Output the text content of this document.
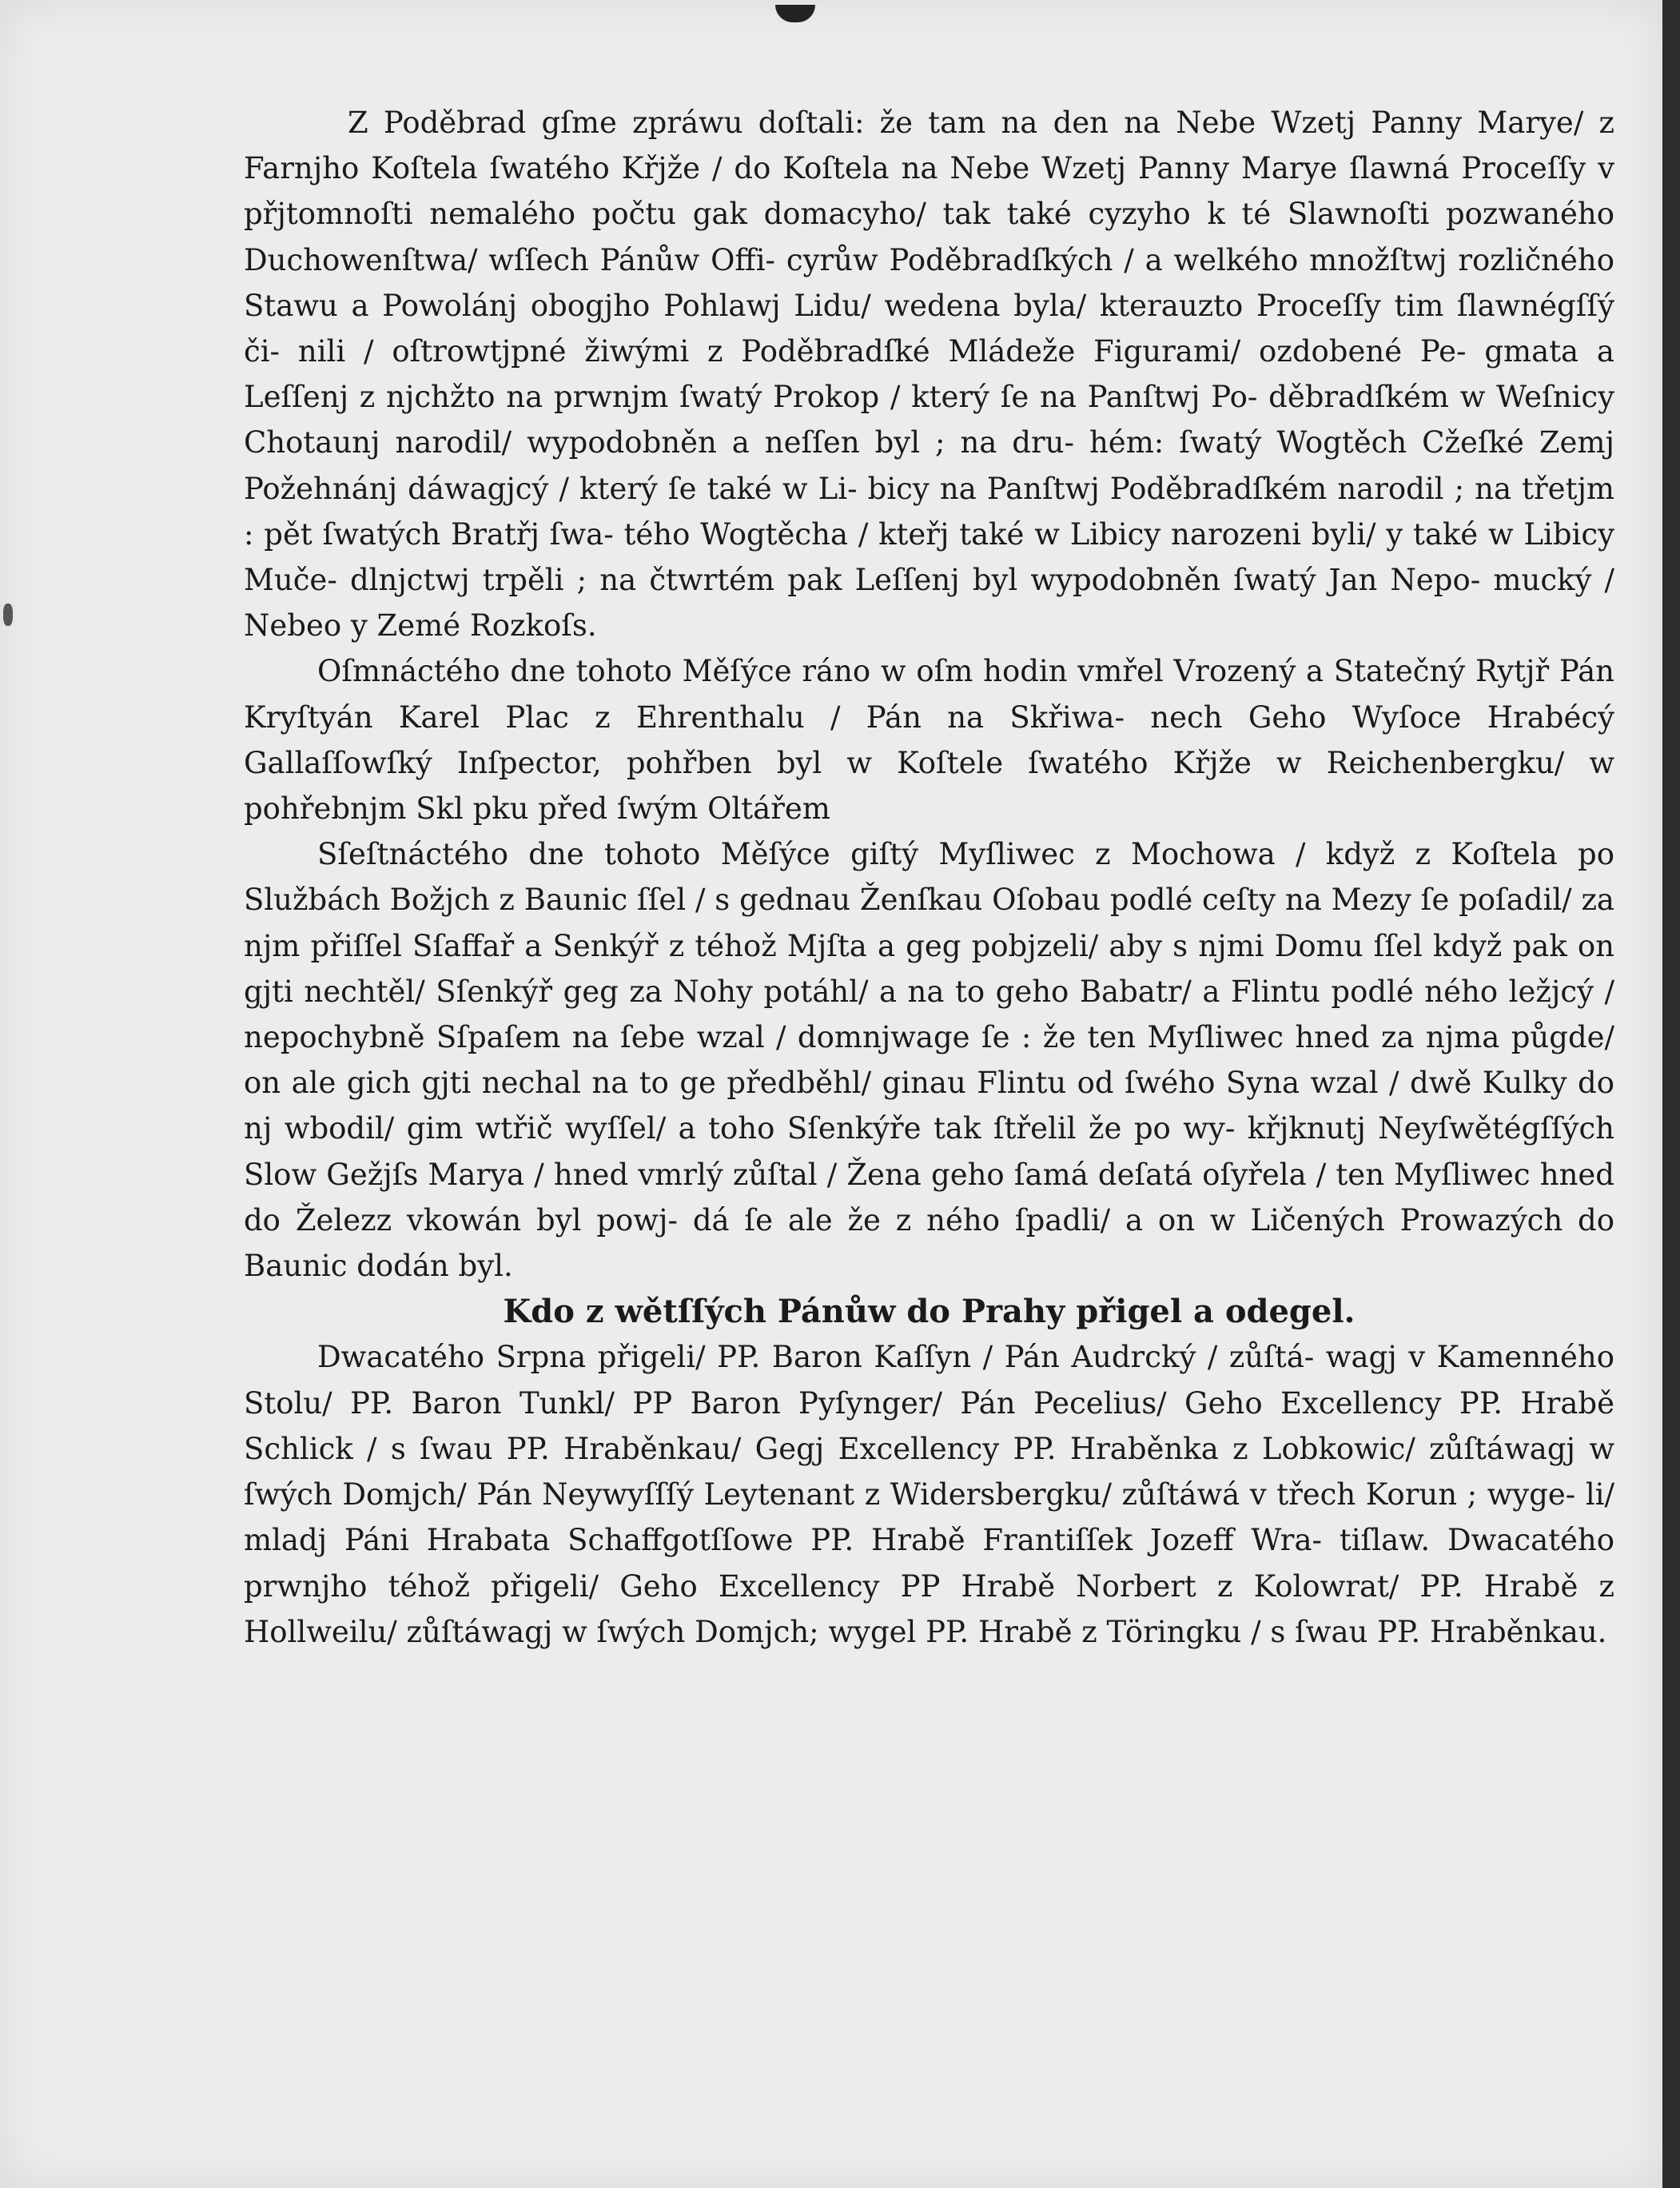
Z Poděbrad gſme zpráwu doſtali: že tam na den na Nebe Wzetj Panny Marye/ z Farnjho Koſtela ſwatého Křjže / do Koſtela na Nebe Wzetj Panny Marye ſlawná Proceſſy v přjtomnoſti nemalého počtu gak domacyho/ tak také cyzyho k té Slawnoſti pozwaného Duchowenſtwa/ wſſech Pánůw Offi- cyrůw Poděbradſkých / a welkého množſtwj rozličného Stawu a Powolánj obogjho Pohlawj Lidu/ wedena byla/ kterauzto Proceſſy tim ſlawnégſſý či- nili / oſtrowtjpné žiwými z Poděbradſké Mládeže Figurami/ ozdobené Pe- gmata a Leſſenj z njchžto na prwnjm ſwatý Prokop / který ſe na Panſtwj Po- děbradſkém w Weſnicy Chotaunj narodil/ wypodobněn a neſſen byl ; na dru- hém: ſwatý Wogtěch Cžeſké Zemj Požehnánj dáwagjcý / který ſe také w Li- bicy na Panſtwj Poděbradſkém narodil ; na třetjm : pět ſwatých Bratřj ſwa- tého Wogtěcha / kteřj také w Libicy narozeni byli/ y také w Libicy Muče- dlnjctwj trpěli ; na čtwrtém pak Leſſenj byl wypodobněn ſwatý Jan Nepo- mucký / Nebeo y Zemé Rozkoſs.

Oſmnáctého dne tohoto Měſýce ráno w oſm hodin vmřel Vrozený a Statečný Rytjř Pán Kryſtyán Karel Plac z Ehrenthalu / Pán na Skřiwa- nech Geho Wyſoce Hrabécý Gallaſſowſký Inſpector, pohřben byl w Koſtele ſwatého Křjže w Reichenbergku/ w pohřebnjm Skl pku před ſwým Oltářem

Sſeſtnáctého dne tohoto Měſýce giſtý Myſliwec z Mochowa / když z Koſtela po Službách Božjch z Baunic ſſel / s gednau Ženſkau Oſobau podlé ceſty na Mezy ſe poſadil/ za njm přiſſel Sſaffař a Senkýř z téhož Mjſta a geg pobjzeli/ aby s njmi Domu ſſel když pak on gjti nechtěl/ Sſenkýř geg za Nohy potáhl/ a na to geho Babatr/ a Flintu podlé ného ležjcý / nepochybně Sſpaſem na ſebe wzal / domnjwage ſe : že ten Myſliwec hned za njma půgde/ on ale gich gjti nechal na to ge předběhl/ ginau Flintu od ſwého Syna wzal / dwě Kulky do nj wbodil/ gim wtřič wyſſel/ a toho Sſenkýře tak ſtřelil že po wy- křjknutj Neyſwětégſſých Slow Gežjſs Marya / hned vmrlý zůſtal / Žena geho ſamá deſatá oſyřela / ten Myſliwec hned do Železz vkowán byl powj- dá ſe ale že z ného ſpadli/ a on w Ličených Prowazých do Baunic dodán byl.

Kdo z wětſſých Pánůw do Prahy přigel a odegel.

Dwacatého Srpna přigeli/ PP. Baron Kaſſyn / Pán Audrcký / zůſtá- wagj v Kamenného Stolu/ PP. Baron Tunkl/ PP Baron Pyſynger/ Pán Pecelius/ Geho Excellency PP. Hrabě Schlick / s ſwau PP. Hraběnkau/ Gegj Excellency PP. Hraběnka z Lobkowic/ zůſtáwagj w ſwých Domjch/ Pán Neywyſſſý Leytenant z Widersbergku/ zůſtáwá v třech Korun ; wyge- li/ mladj Páni Hrabata Schaffgotſſowe PP. Hrabě Frantiſſek Jozeff Wra- tiſlaw. Dwacatého prwnjho téhož přigeli/ Geho Excellency PP Hrabě Norbert z Kolowrat/ PP. Hrabě z Hollweilu/ zůſtáwagj w ſwých Domjch; wygel PP. Hrabě z Töringku / s ſwau PP. Hraběnkau.
